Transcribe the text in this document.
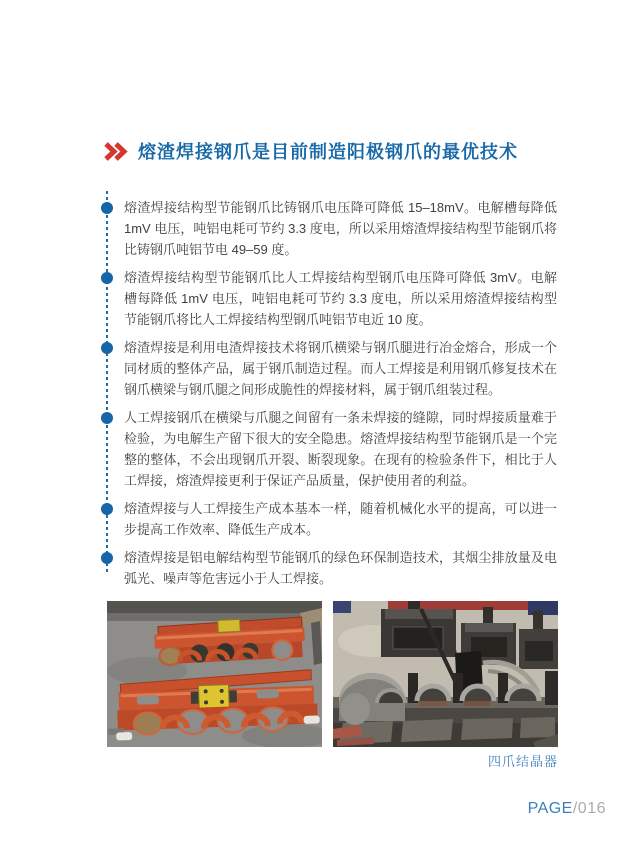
熔渣焊接钢爪是目前制造阳极钢爪的最优技术
熔渣焊接结构型节能钢爪比铸钢爪电压降可降低 15–18mV。电解槽每降低 1mV 电压，吨铝电耗可节约 3.3 度电，所以采用熔渣焊接结构型节能钢爪将比铸钢爪吨铝节电 49–59 度。
熔渣焊接结构型节能钢爪比人工焊接结构型钢爪电压降可降低 3mV。电解槽每降低 1mV 电压，吨铝电耗可节约 3.3 度电，所以采用熔渣焊接结构型节能钢爪将比人工焊接结构型钢爪吨铝节电近 10 度。
熔渣焊接是利用电渣焊接技术将钢爪横梁与钢爪腿进行冶金熔合，形成一个同材质的整体产品，属于钢爪制造过程。而人工焊接是利用钢爪修复技术在钢爪横梁与钢爪腿之间形成脆性的焊接材料，属于钢爪组装过程。
人工焊接钢爪在横梁与爪腿之间留有一条未焊接的缝隙，同时焊接质量难于检验，为电解生产留下很大的安全隐患。熔渣焊接结构型节能钢爪是一个完整的整体，不会出现钢爪开裂、断裂现象。在现有的检验条件下，相比于人工焊接，熔渣焊接更利于保证产品质量，保护使用者的利益。
熔渣焊接与人工焊接生产成本基本一样，随着机械化水平的提高，可以进一步提高工作效率、降低生产成本。
熔渣焊接是铝电解结构型节能钢爪的绿色环保制造技术，其烟尘排放量及电弧光、噪声等危害远小于人工焊接。
四爪结晶器
PAGE/016
